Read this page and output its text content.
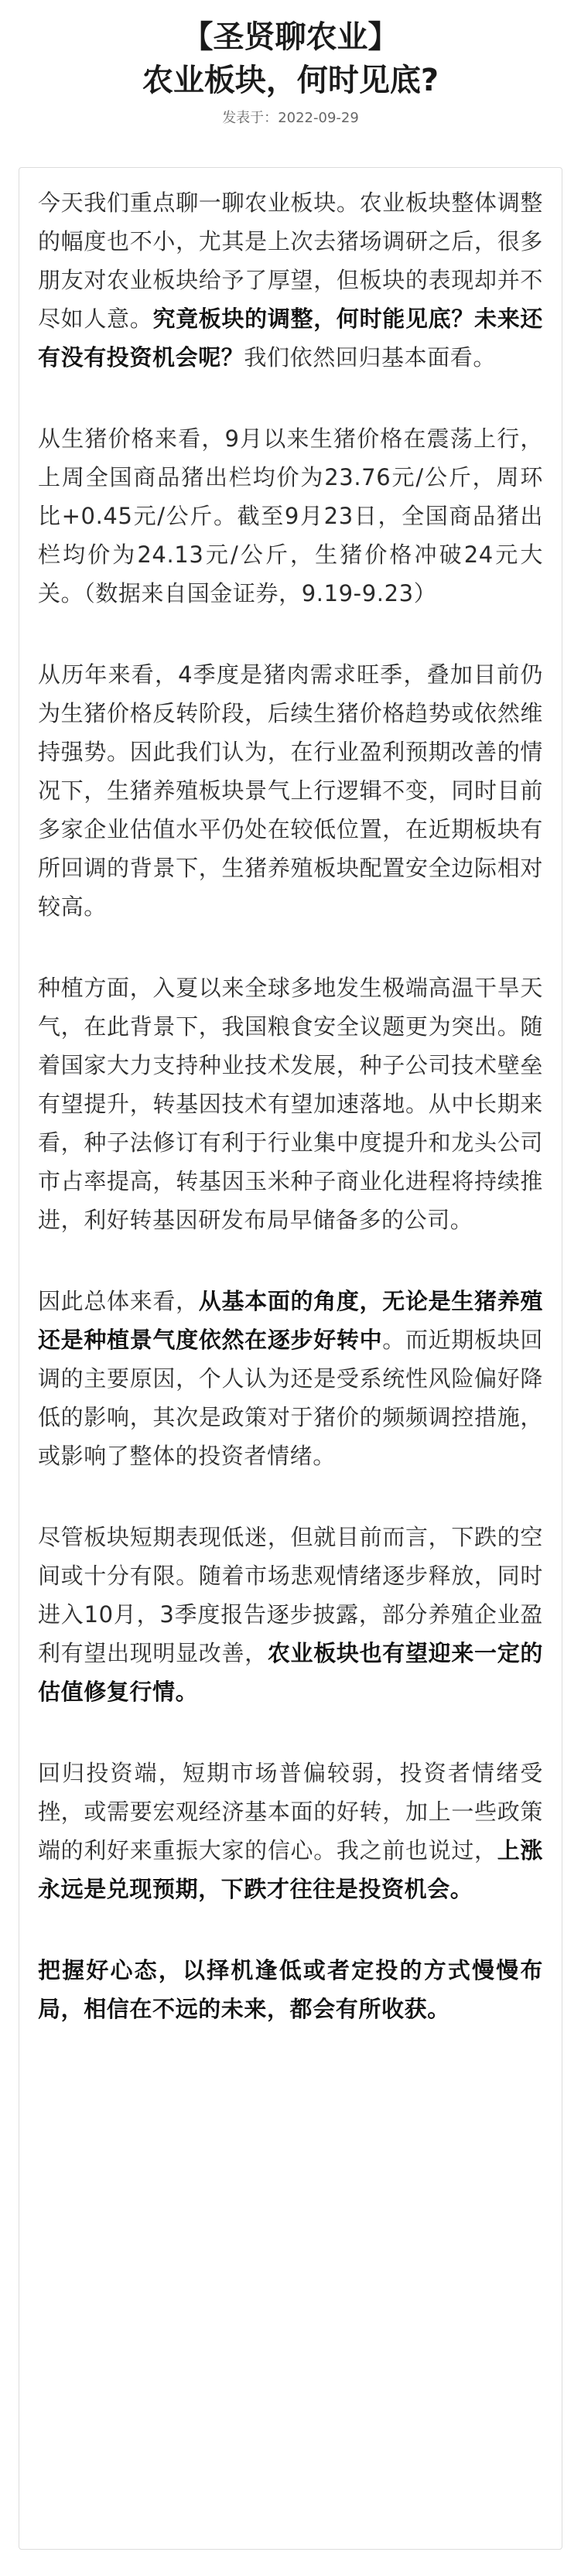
【圣贤聊农业】
农业板块，何时见底?
发表于：2022-09-29

今天我们重点聊一聊农业板块。农业板块整体调整的幅度也不小，尤其是上次去猪场调研之后，很多朋友对农业板块给予了厚望，但板块的表现却并不尽如人意。究竟板块的调整，何时能见底？未来还有没有投资机会呢？我们依然回归基本面看。

从生猪价格来看，9月以来生猪价格在震荡上行，上周全国商品猪出栏均价为23.76元/公斤，周环比+0.45元/公斤。截至9月23日，全国商品猪出栏均价为24.13元/公斤，生猪价格冲破24元大关。（数据来自国金证券，9.19-9.23）

从历年来看，4季度是猪肉需求旺季，叠加目前仍为生猪价格反转阶段，后续生猪价格趋势或依然维持强势。因此我们认为，在行业盈利预期改善的情况下，生猪养殖板块景气上行逻辑不变，同时目前多家企业估值水平仍处在较低位置，在近期板块有所回调的背景下，生猪养殖板块配置安全边际相对较高。

种植方面，入夏以来全球多地发生极端高温干旱天气，在此背景下，我国粮食安全议题更为突出。随着国家大力支持种业技术发展，种子公司技术壁垒有望提升，转基因技术有望加速落地。从中长期来看，种子法修订有利于行业集中度提升和龙头公司市占率提高，转基因玉米种子商业化进程将持续推进，利好转基因研发布局早储备多的公司。

因此总体来看，从基本面的角度，无论是生猪养殖还是种植景气度依然在逐步好转中。而近期板块回调的主要原因，个人认为还是受系统性风险偏好降低的影响，其次是政策对于猪价的频频调控措施，或影响了整体的投资者情绪。

尽管板块短期表现低迷，但就目前而言，下跌的空间或十分有限。随着市场悲观情绪逐步释放，同时进入10月，3季度报告逐步披露，部分养殖企业盈利有望出现明显改善，农业板块也有望迎来一定的估值修复行情。

回归投资端，短期市场普偏较弱，投资者情绪受挫，或需要宏观经济基本面的好转，加上一些政策端的利好来重振大家的信心。我之前也说过，上涨永远是兑现预期，下跌才往往是投资机会。

把握好心态，以择机逢低或者定投的方式慢慢布局，相信在不远的未来，都会有所收获。
